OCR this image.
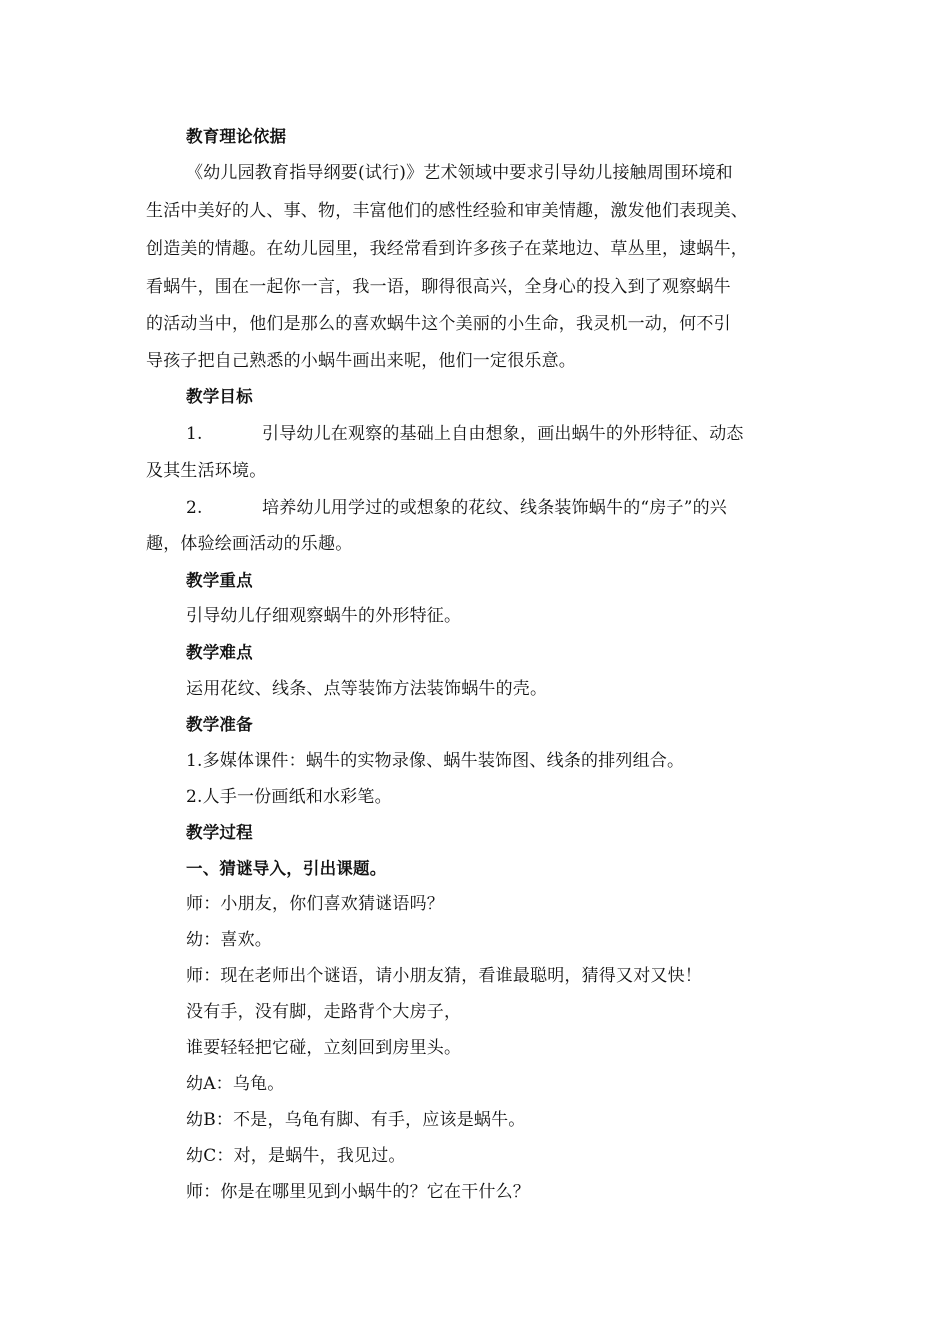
教育理论依据
《幼儿园教育指导纲要(试行)》艺术领域中要求引导幼儿接触周围环境和
生活中美好的人、事、物，丰富他们的感性经验和审美情趣，激发他们表现美、
创造美的情趣。在幼儿园里，我经常看到许多孩子在菜地边、草丛里，逮蜗牛，
看蜗牛，围在一起你一言，我一语，聊得很高兴，全身心的投入到了观察蜗牛
的活动当中，他们是那么的喜欢蜗牛这个美丽的小生命，我灵机一动，何不引
导孩子把自己熟悉的小蜗牛画出来呢，他们一定很乐意。
教学目标
1.	引导幼儿在观察的基础上自由想象，画出蜗牛的外形特征、动态
及其生活环境。
2.	培养幼儿用学过的或想象的花纹、线条装饰蜗牛的“房子”的兴
趣，体验绘画活动的乐趣。
教学重点
引导幼儿仔细观察蜗牛的外形特征。
教学难点
运用花纹、线条、点等装饰方法装饰蜗牛的壳。
教学准备
1.多媒体课件：蜗牛的实物录像、蜗牛装饰图、线条的排列组合。
2.人手一份画纸和水彩笔。
教学过程
一、猜谜导入，引出课题。
师：小朋友，你们喜欢猜谜语吗？
幼：喜欢。
师：现在老师出个谜语，请小朋友猜，看谁最聪明，猜得又对又快！
没有手，没有脚，走路背个大房子，
谁要轻轻把它碰，立刻回到房里头。
幼A：乌龟。
幼B：不是，乌龟有脚、有手，应该是蜗牛。
幼C：对，是蜗牛，我见过。
师：你是在哪里见到小蜗牛的？它在干什么？
